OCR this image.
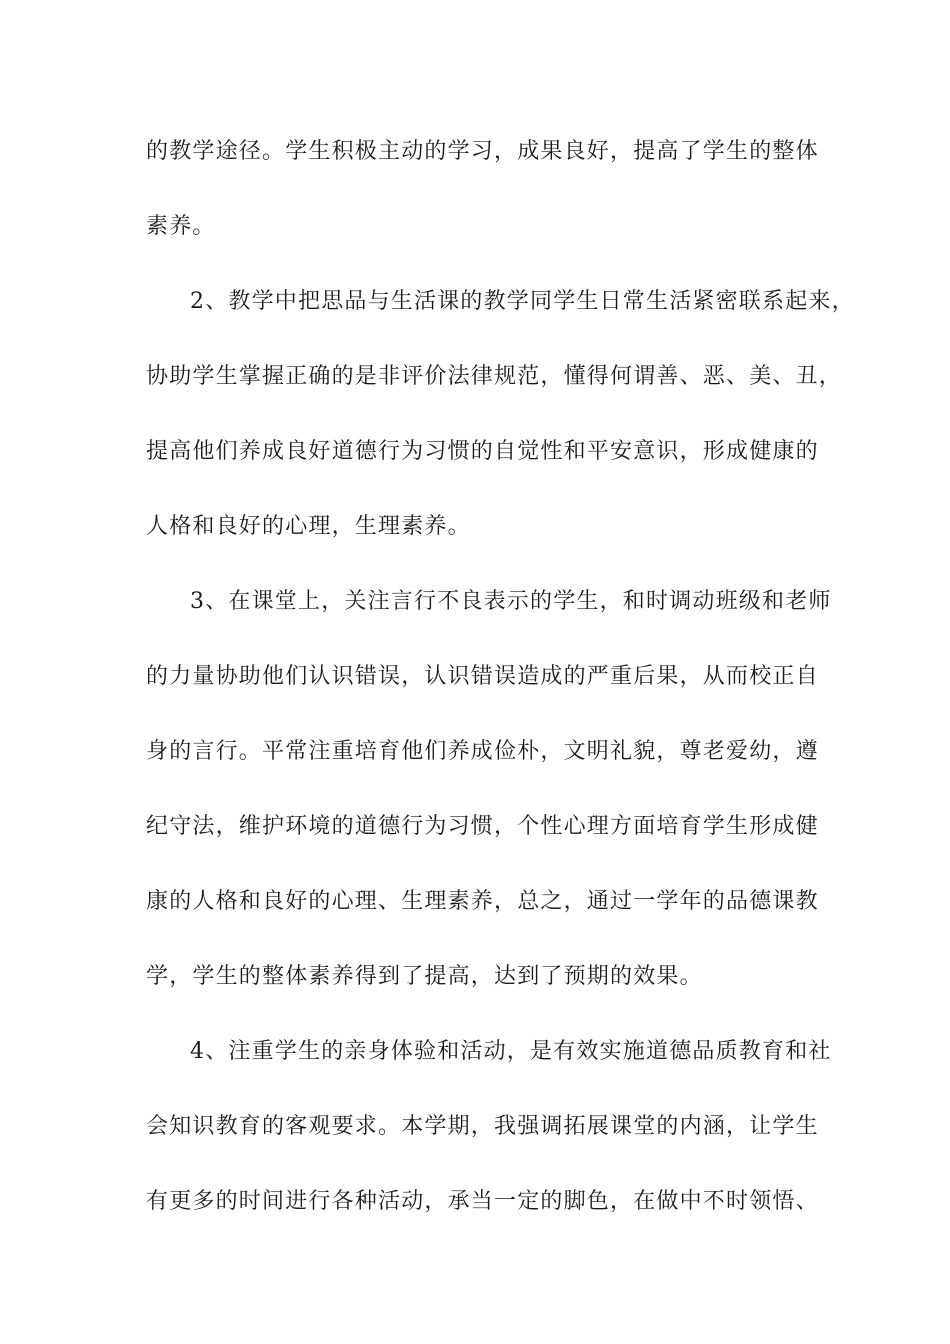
的教学途径。学生积极主动的学习，成果良好，提高了学生的整体
素养。
2、教学中把思品与生活课的教学同学生日常生活紧密联系起来，
协助学生掌握正确的是非评价法律规范，懂得何谓善、恶、美、丑，
提高他们养成良好道德行为习惯的自觉性和平安意识，形成健康的
人格和良好的心理，生理素养。
3、在课堂上，关注言行不良表示的学生，和时调动班级和老师
的力量协助他们认识错误，认识错误造成的严重后果，从而校正自
身的言行。平常注重培育他们养成俭朴，文明礼貌，尊老爱幼，遵
纪守法，维护环境的道德行为习惯，个性心理方面培育学生形成健
康的人格和良好的心理、生理素养，总之，通过一学年的品德课教
学，学生的整体素养得到了提高，达到了预期的效果。
4、注重学生的亲身体验和活动，是有效实施道德品质教育和社
会知识教育的客观要求。本学期，我强调拓展课堂的内涵，让学生
有更多的时间进行各种活动，承当一定的脚色，在做中不时领悟、
